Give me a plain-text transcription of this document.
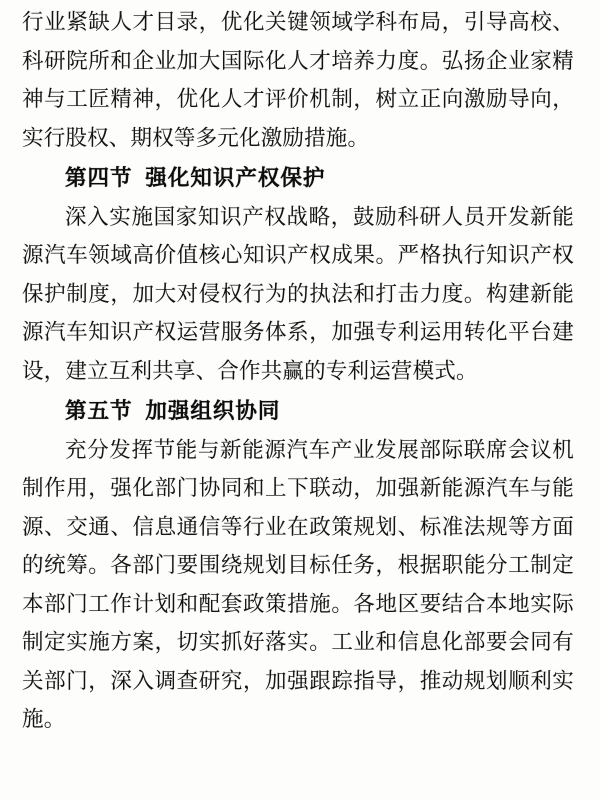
行业紧缺人才目录，优化关键领域学科布局，引导高校、科研院所和企业加大国际化人才培养力度。弘扬企业家精神与工匠精神，优化人才评价机制，树立正向激励导向，实行股权、期权等多元化激励措施。

第四节 强化知识产权保护

深入实施国家知识产权战略，鼓励科研人员开发新能源汽车领域高价值核心知识产权成果。严格执行知识产权保护制度，加大对侵权行为的执法和打击力度。构建新能源汽车知识产权运营服务体系，加强专利运用转化平台建设，建立互利共享、合作共赢的专利运营模式。

第五节 加强组织协同

充分发挥节能与新能源汽车产业发展部际联席会议机制作用，强化部门协同和上下联动，加强新能源汽车与能源、交通、信息通信等行业在政策规划、标准法规等方面的统筹。各部门要围绕规划目标任务，根据职能分工制定本部门工作计划和配套政策措施。各地区要结合本地实际制定实施方案，切实抓好落实。工业和信息化部要会同有关部门，深入调查研究，加强跟踪指导，推动规划顺利实施。
